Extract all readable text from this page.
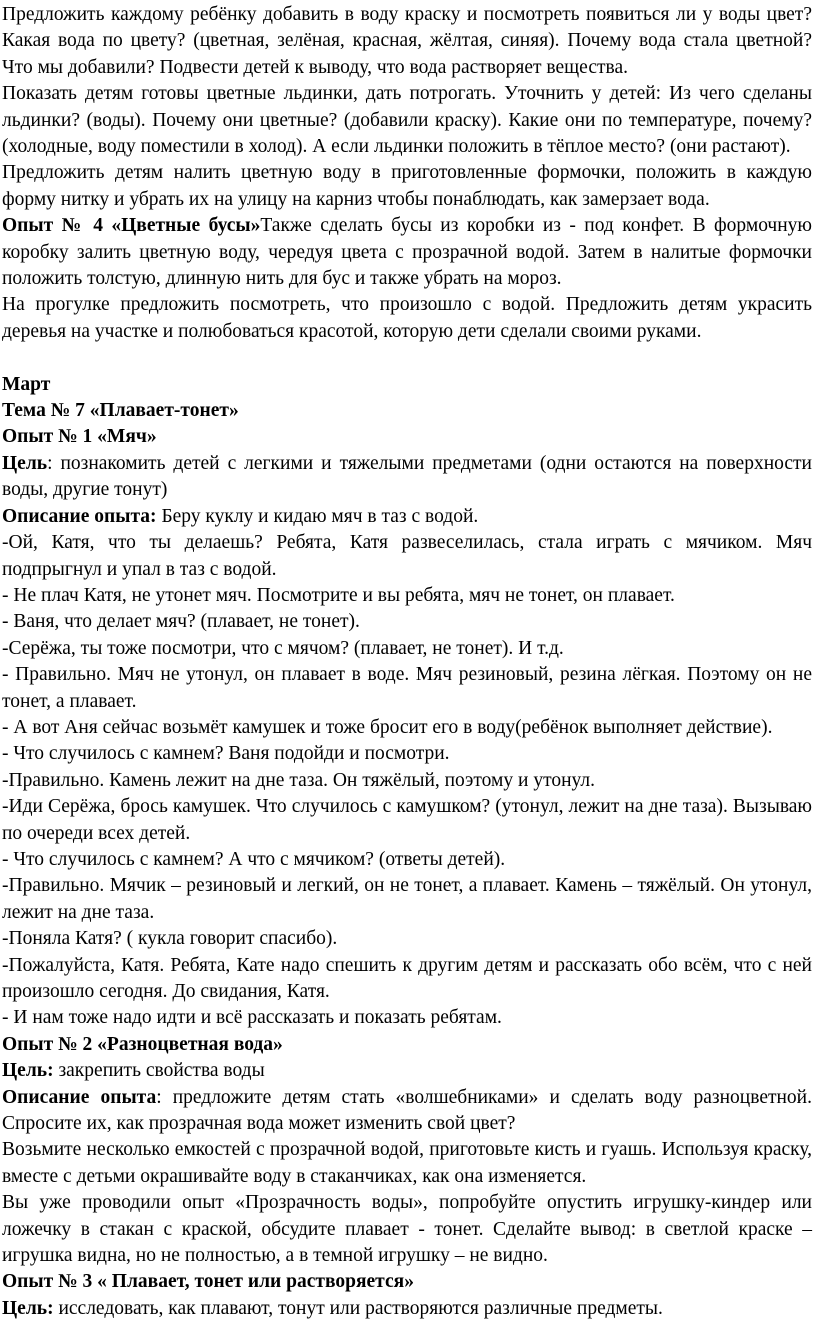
Предложить каждому ребёнку добавить в воду краску и посмотреть появиться ли у воды цвет? Какая вода по цвету? (цветная, зелёная, красная, жёлтая, синяя). Почему вода стала цветной? Что мы добавили? Подвести детей к выводу, что вода растворяет вещества.

Показать детям готовы цветные льдинки, дать потрогать. Уточнить у детей: Из чего сделаны льдинки? (воды). Почему они цветные? (добавили краску). Какие они по температуре, почему? (холодные, воду поместили в холод). А если льдинки положить в тёплое место? (они растают).

Предложить детям налить цветную воду в приготовленные формочки, положить в каждую форму нитку и убрать их на улицу на карниз чтобы понаблюдать, как замерзает вода.

Опыт № 4 «Цветные бусы»Также сделать бусы из коробки из - под конфет. В формочную коробку залить цветную воду, чередуя цвета с прозрачной водой. Затем в налитые формочки положить толстую, длинную нить для бус и также убрать на мороз.

На прогулке предложить посмотреть, что произошло с водой. Предложить детям украсить деревья на участке и полюбоваться красотой, которую дети сделали своими руками.

Март

Тема № 7 «Плавает-тонет»

Опыт № 1 «Мяч»

Цель: познакомить детей с легкими и тяжелыми предметами (одни остаются на поверхности воды, другие тонут)

Описание опыта: Беру куклу и кидаю мяч в таз с водой.

-Ой, Катя, что ты делаешь? Ребята, Катя развеселилась, стала играть с мячиком. Мяч подпрыгнул и упал в таз с водой.

- Не плач Катя, не утонет мяч. Посмотрите и вы ребята, мяч не тонет, он плавает.

- Ваня, что делает мяч? (плавает, не тонет).

-Серёжа, ты тоже посмотри, что с мячом? (плавает, не тонет). И т.д.

- Правильно. Мяч не утонул, он плавает в воде. Мяч резиновый, резина лёгкая. Поэтому он не тонет, а плавает.

- А вот Аня сейчас возьмёт камушек и тоже бросит его в воду(ребёнок выполняет действие).

- Что случилось с камнем? Ваня подойди и посмотри.

-Правильно. Камень лежит на дне таза. Он тяжёлый, поэтому и утонул.

-Иди Серёжа, брось камушек. Что случилось с камушком? (утонул, лежит на дне таза). Вызываю по очереди всех детей.

- Что случилось с камнем? А что с мячиком? (ответы детей).

-Правильно. Мячик – резиновый и легкий, он не тонет, а плавает. Камень – тяжёлый. Он утонул, лежит на дне таза.

-Поняла Катя? ( кукла говорит спасибо).

-Пожалуйста, Катя. Ребята, Кате надо спешить к другим детям и рассказать обо всём, что с ней произошло сегодня. До свидания, Катя.

- И нам тоже надо идти и всё рассказать и показать ребятам.

Опыт № 2 «Разноцветная вода»

Цель: закрепить свойства воды

Описание опыта: предложите детям стать «волшебниками» и сделать воду разноцветной. Спросите их, как прозрачная вода может изменить свой цвет?

Возьмите несколько емкостей с прозрачной водой, приготовьте кисть и гуашь. Используя краску, вместе с детьми окрашивайте воду в стаканчиках, как она изменяется.

Вы уже проводили опыт «Прозрачность воды», попробуйте опустить игрушку-киндер или ложечку в стакан с краской, обсудите плавает - тонет. Сделайте вывод: в светлой краске – игрушка видна, но не полностью, а в темной игрушку – не видно.

Опыт № 3 « Плавает, тонет или растворяется»

Цель: исследовать, как плавают, тонут или растворяются различные предметы.
